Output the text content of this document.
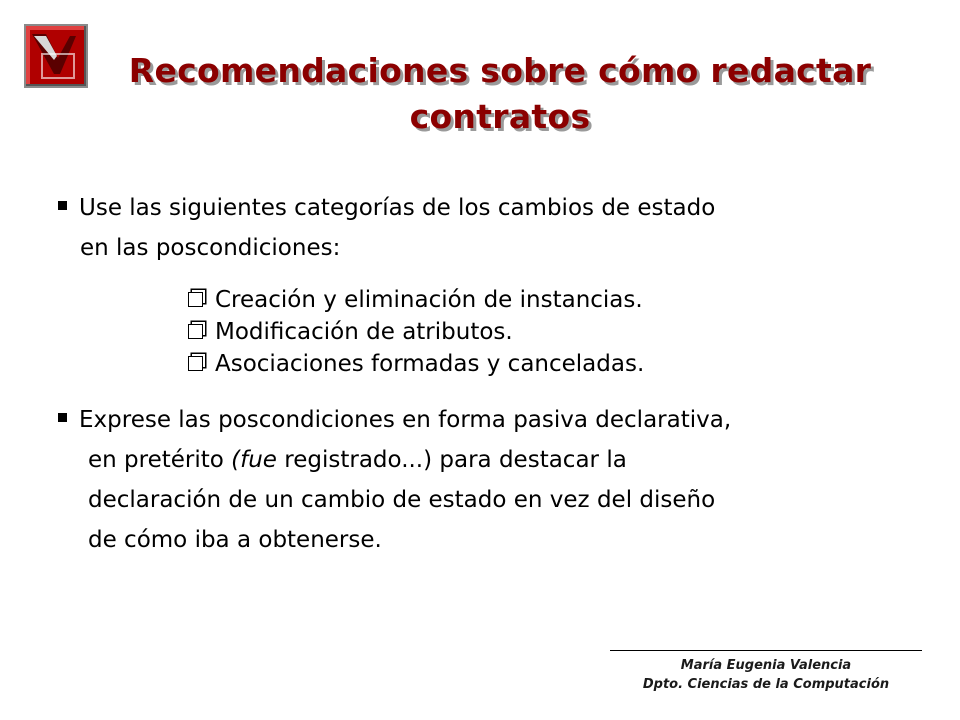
Recomendaciones sobre cómo redactar
contratos
Use las siguientes categorías de los cambios de estado
en las poscondiciones:
Creación y eliminación de instancias.
Modificación de atributos.
Asociaciones formadas y canceladas.
Exprese las poscondiciones en forma pasiva declarativa,
en pretérito (fue registrado...) para destacar la
declaración de un cambio de estado en vez del diseño
de cómo iba a obtenerse.
María Eugenia Valencia
Dpto. Ciencias de la Computación
